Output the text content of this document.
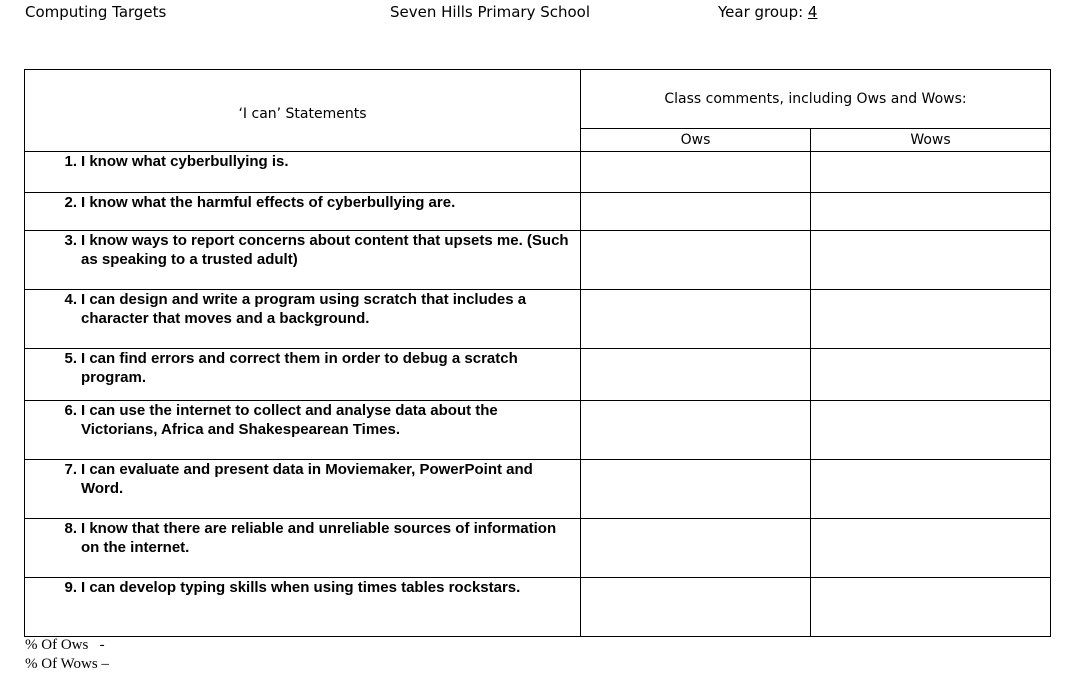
Computing Targets	Seven Hills Primary School	Year group: 4
‘I can’ Statements	Class comments, including Ows and Wows:	
	Ows	Wows

1. I know what cyberbullying is.		

2. I know what the harmful effects of cyberbullying are.		

3. I know ways to report concerns about content that upsets me. (Such as speaking to a trusted adult)		

4. I can design and write a program using scratch that includes a character that moves and a background.		

5. I can find errors and correct them in order to debug a scratch program.		

6. I can use the internet to collect and analyse data about the Victorians, Africa and Shakespearean Times.		

7. I can evaluate and present data in Moviemaker, PowerPoint and Word.		

8. I know that there are reliable and unreliable sources of information on the internet.		

9. I can develop typing skills when using times tables rockstars.		

% Of Ows   -
% Of Wows –
